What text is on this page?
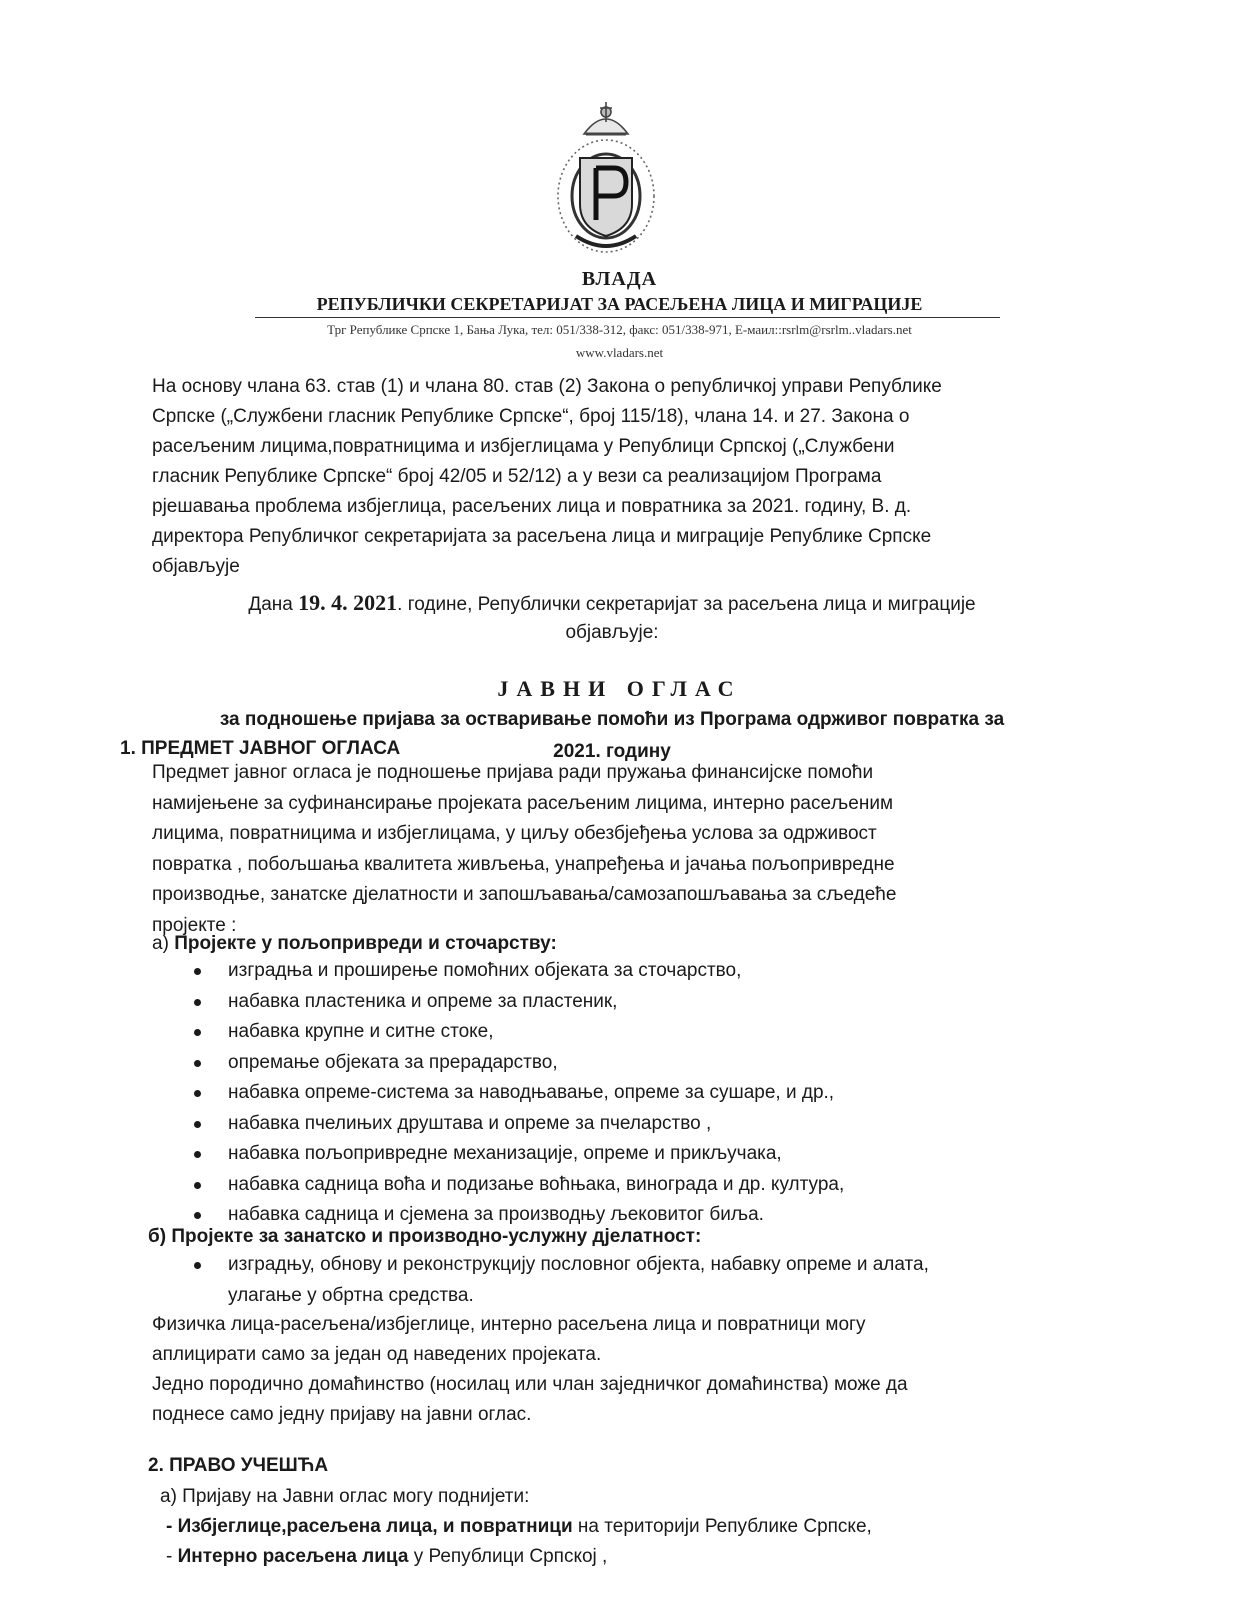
ВЛАДА
РЕПУБЛИЧКИ СЕКРЕТАРИЈАТ ЗА РАСЕЉЕНА ЛИЦА И МИГРАЦИЈЕ
Трг Републике Српске 1, Бања Лука, тел: 051/338-312, факс: 051/338-971, Е-маил::rsrlm@rsrlm..vladars.net
www.vladars.net
На основу члана 63. став (1) и члана 80. став (2) Закона о републичкој управи Републике
Српске („Службени гласник Републике Српске“, број 115/18), члана 14. и 27. Закона о
расељеним лицима,повратницима и избјеглицама у Републици Српској („Службени
гласник Републике Српске“ број 42/05 и 52/12) а у вези са реализацијом Програма
рјешавања проблема избјеглица, расељених лица и повратника за 2021. годину, В. д.
директора Републичког секретаријата за расељена лица и миграције Републике Српске
објављује
Дана 19. 4. 2021. године, Републички секретаријат за расељена лица и миграције
објављује:
ЈАВНИ ОГЛАС
за подношење пријава за остваривање помоћи из Програма одрживог повратка за
2021. годину
1. ПРЕДМЕТ ЈАВНОГ ОГЛАСА
Предмет јавног огласа је подношење пријава ради пружања финансијске помоћи
намијењене за суфинансирање пројеката расељеним лицима, интерно расељеним
лицима, повратницима и избјеглицама, у циљу обезбјеђења услова за одрживост
повратка , побољшања квалитета живљења, унапређења и јачања пољопривредне
производње, занатске дјелатности и запошљавања/самозапошљавања за сљедеће
пројекте :
а) Пројекте у пољопривреди и сточарству:
изградња и проширење помоћних објеката за сточарство,
набавка пластеника и опреме за пластеник,
набавка крупне и ситне стоке,
опремање објеката за прерадарство,
набавка опреме-система за наводњавање, опреме за сушаре, и др.,
набавка пчелињих друштава и опреме за пчеларство ,
набавка пољопривредне механизације, опреме и прикључака,
набавка садница воћа и подизање воћњака, винограда и др. култура,
набавка садница и сјемена за производњу љековитог биља.
б) Пројекте за занатско и производно-услужну дјелатност:
изградњу, обнову и реконструкцију пословног објекта, набавку опреме и алата,
улагање у обртна средства.
Физичка лица-расељена/избјеглице, интерно расељена лица и повратници могу
аплицирати само за један од наведених пројеката.
Једно породично домаћинство (носилац или члан заједничког домаћинства) може да
поднесе само једну пријаву на јавни оглас.
2. ПРАВО УЧЕШЋА
а) Пријаву на Јавни оглас могу поднијети:
- Избјеглице,расељена лица, и повратници на територији Републике Српске,
- Интерно расељена лица у Републици Српској ,
